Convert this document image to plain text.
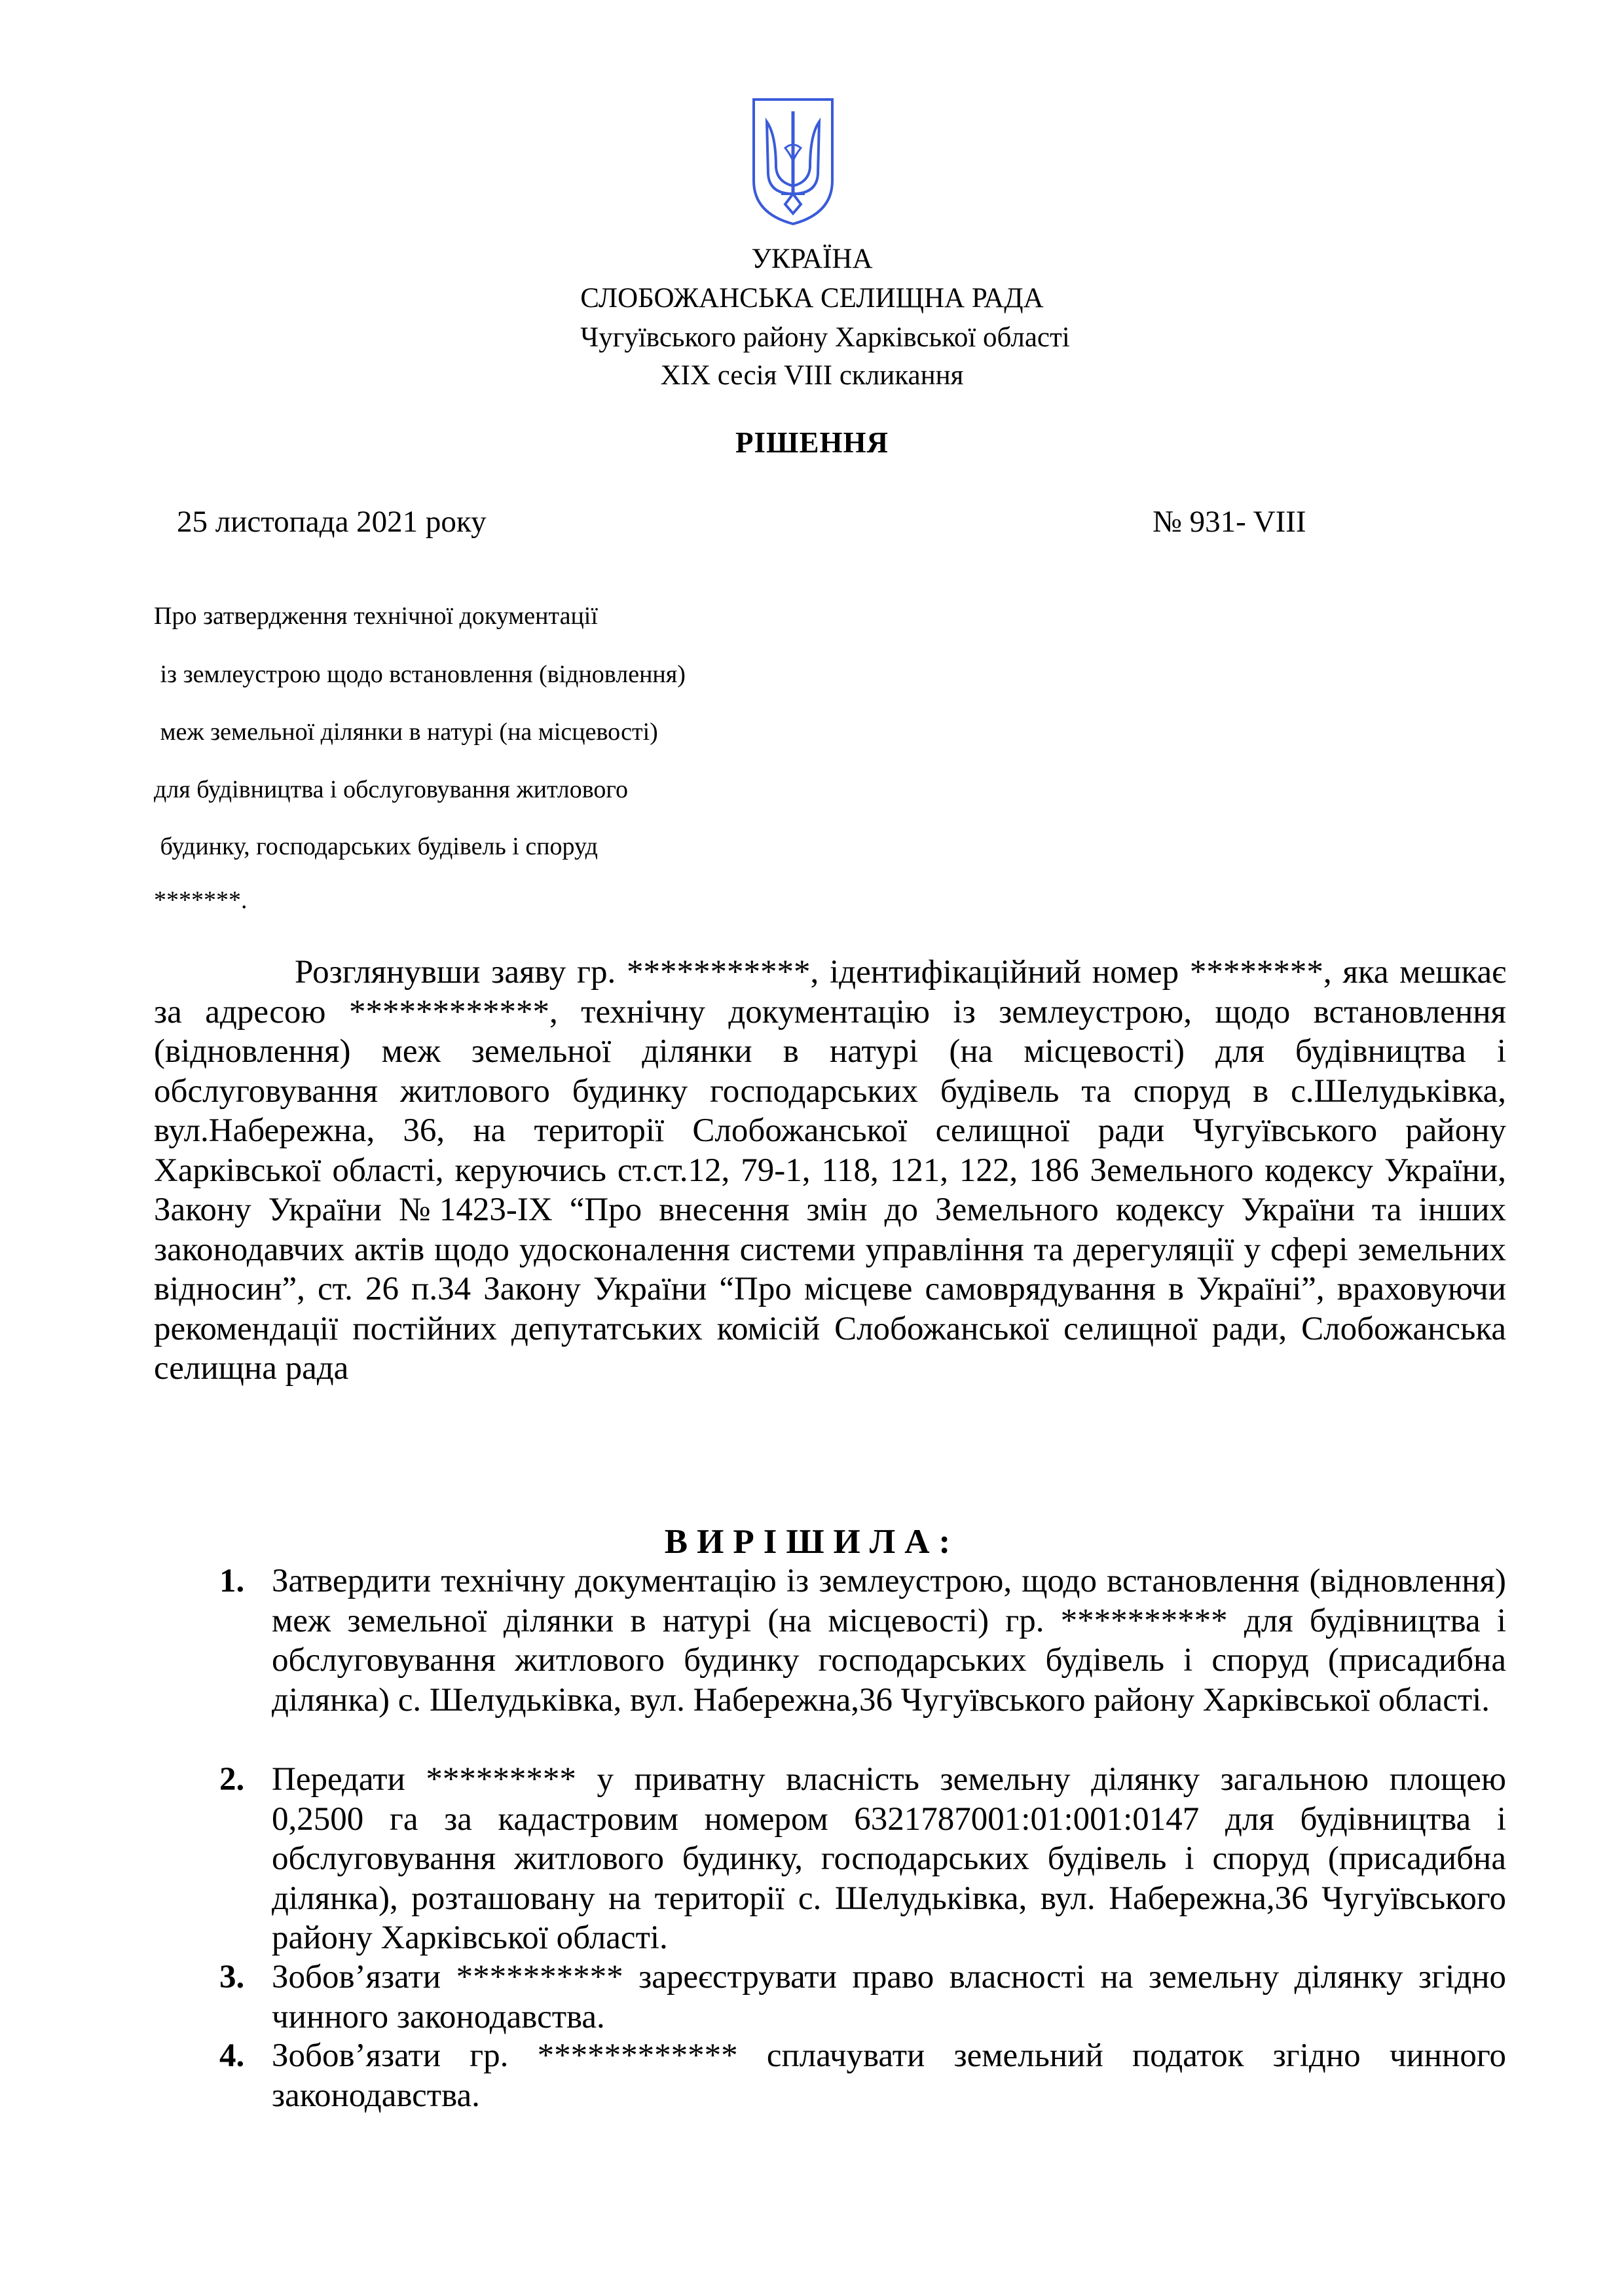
УКРАЇНА
СЛОБОЖАНСЬКА СЕЛИЩНА РАДА
Чугуївського району Харківської області
XIX сесія VIII скликання
РІШЕННЯ
25 листопада 2021 року	№ 931- VIII
Про затвердження технічної документації
із землеустрою щодо встановлення (відновлення)
меж земельної ділянки в натурі (на місцевості)
для будівництва і обслуговування житлового
будинку, господарських будівель і споруд
*******.

Розглянувши заяву гр. ***********, ідентифікаційний номер ********, яка мешкає за адресою ************, технічну документацію із землеустрою, щодо встановлення (відновлення) меж земельної ділянки в натурі (на місцевості) для будівництва і обслуговування житлового будинку господарських будівель та споруд в с.Шелудьківка, вул.Набережна, 36, на території Слобожанської селищної ради Чугуївського району Харківської області, керуючись ст.ст.12, 79-1, 118, 121, 122, 186 Земельного кодексу України, Закону України №1423-IX “Про внесення змін до Земельного кодексу України та інших законодавчих актів щодо удосконалення системи управління та дерегуляції у сфері земельних відносин”, ст. 26 п.34 Закону України “Про місцеве самоврядування в Україні”, враховуючи рекомендації постійних депутатських комісій Слобожанської селищної ради, Слобожанська селищна рада

ВИРІШИЛА:
1. Затвердити технічну документацію із землеустрою, щодо встановлення (відновлення) меж земельної ділянки в натурі (на місцевості) гр. ********** для будівництва і обслуговування житлового будинку господарських будівель і споруд (присадибна ділянка) с. Шелудьківка, вул. Набережна,36 Чугуївського району Харківської області.
2. Передати ********* у приватну власність земельну ділянку загальною площею 0,2500 га за кадастровим номером 6321787001:01:001:0147 для будівництва і обслуговування житлового будинку, господарських будівель і споруд (присадибна ділянка), розташовану на території с. Шелудьківка, вул. Набережна,36 Чугуївського району Харківської області.
3. Зобов’язати ********** зареєструвати право власності на земельну ділянку згідно чинного законодавства.
4. Зобов’язати гр. ************ сплачувати земельний податок згідно чинного законодавства.
